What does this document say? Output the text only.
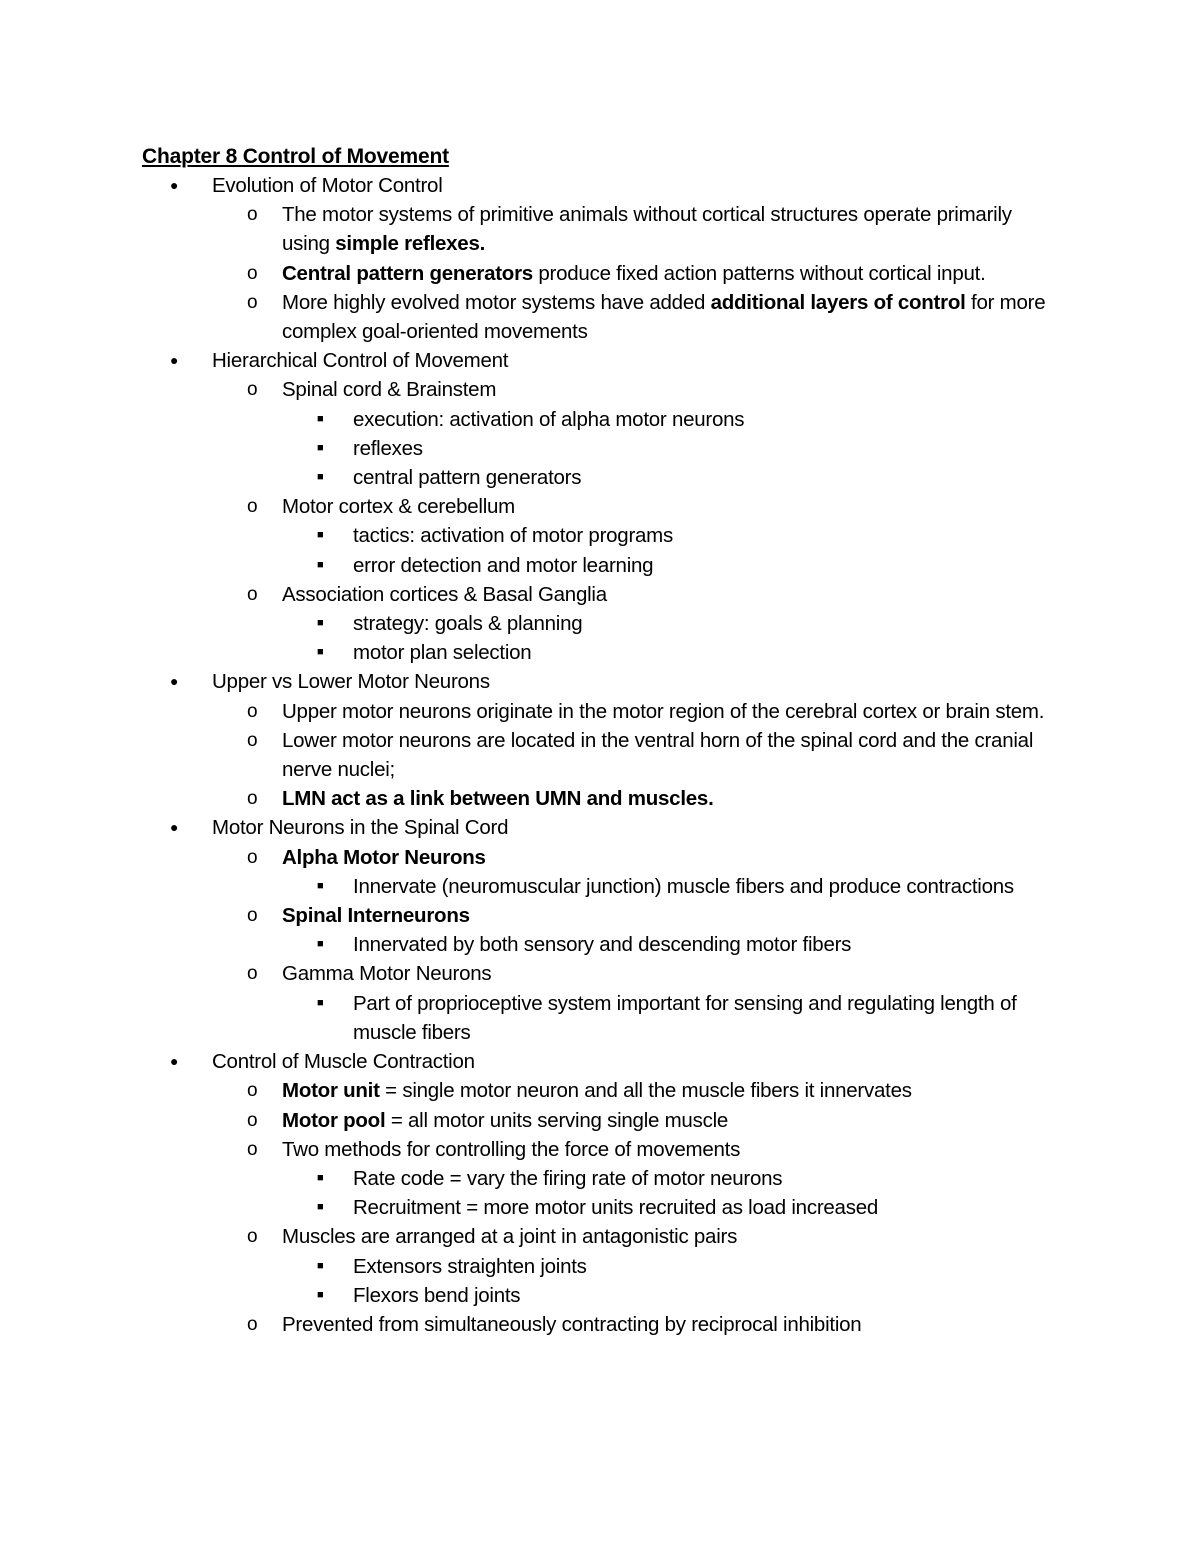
Chapter 8 Control of Movement
● Evolution of Motor Control
o The motor systems of primitive animals without cortical structures operate primarily using simple reflexes.
o Central pattern generators produce fixed action patterns without cortical input.
o More highly evolved motor systems have added additional layers of control for more complex goal-oriented movements
● Hierarchical Control of Movement
o Spinal cord & Brainstem
■ execution: activation of alpha motor neurons
■ reflexes
■ central pattern generators
o Motor cortex & cerebellum
■ tactics: activation of motor programs
■ error detection and motor learning
o Association cortices & Basal Ganglia
■ strategy: goals & planning
■ motor plan selection
● Upper vs Lower Motor Neurons
o Upper motor neurons originate in the motor region of the cerebral cortex or brain stem.
o Lower motor neurons are located in the ventral horn of the spinal cord and the cranial nerve nuclei;
o LMN act as a link between UMN and muscles.
● Motor Neurons in the Spinal Cord
o Alpha Motor Neurons
■ Innervate (neuromuscular junction) muscle fibers and produce contractions
o Spinal Interneurons
■ Innervated by both sensory and descending motor fibers
o Gamma Motor Neurons
■ Part of proprioceptive system important for sensing and regulating length of muscle fibers
● Control of Muscle Contraction
o Motor unit = single motor neuron and all the muscle fibers it innervates
o Motor pool = all motor units serving single muscle
o Two methods for controlling the force of movements
■ Rate code = vary the firing rate of motor neurons
■ Recruitment = more motor units recruited as load increased
o Muscles are arranged at a joint in antagonistic pairs
■ Extensors straighten joints
■ Flexors bend joints
o Prevented from simultaneously contracting by reciprocal inhibition
